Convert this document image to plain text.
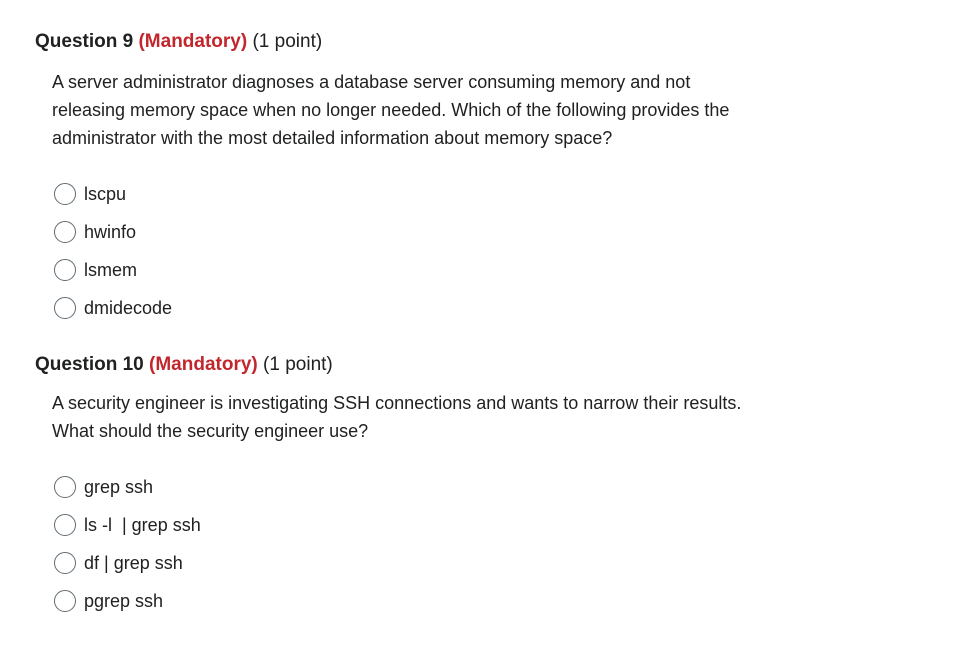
Question 9 (Mandatory) (1 point)

A server administrator diagnoses a database server consuming memory and not releasing memory space when no longer needed. Which of the following provides the administrator with the most detailed information about memory space?

lscpu
hwinfo
lsmem
dmidecode
Question 10 (Mandatory) (1 point)

A security engineer is investigating SSH connections and wants to narrow their results. What should the security engineer use?

grep ssh
ls -l  | grep ssh
df | grep ssh
pgrep ssh
